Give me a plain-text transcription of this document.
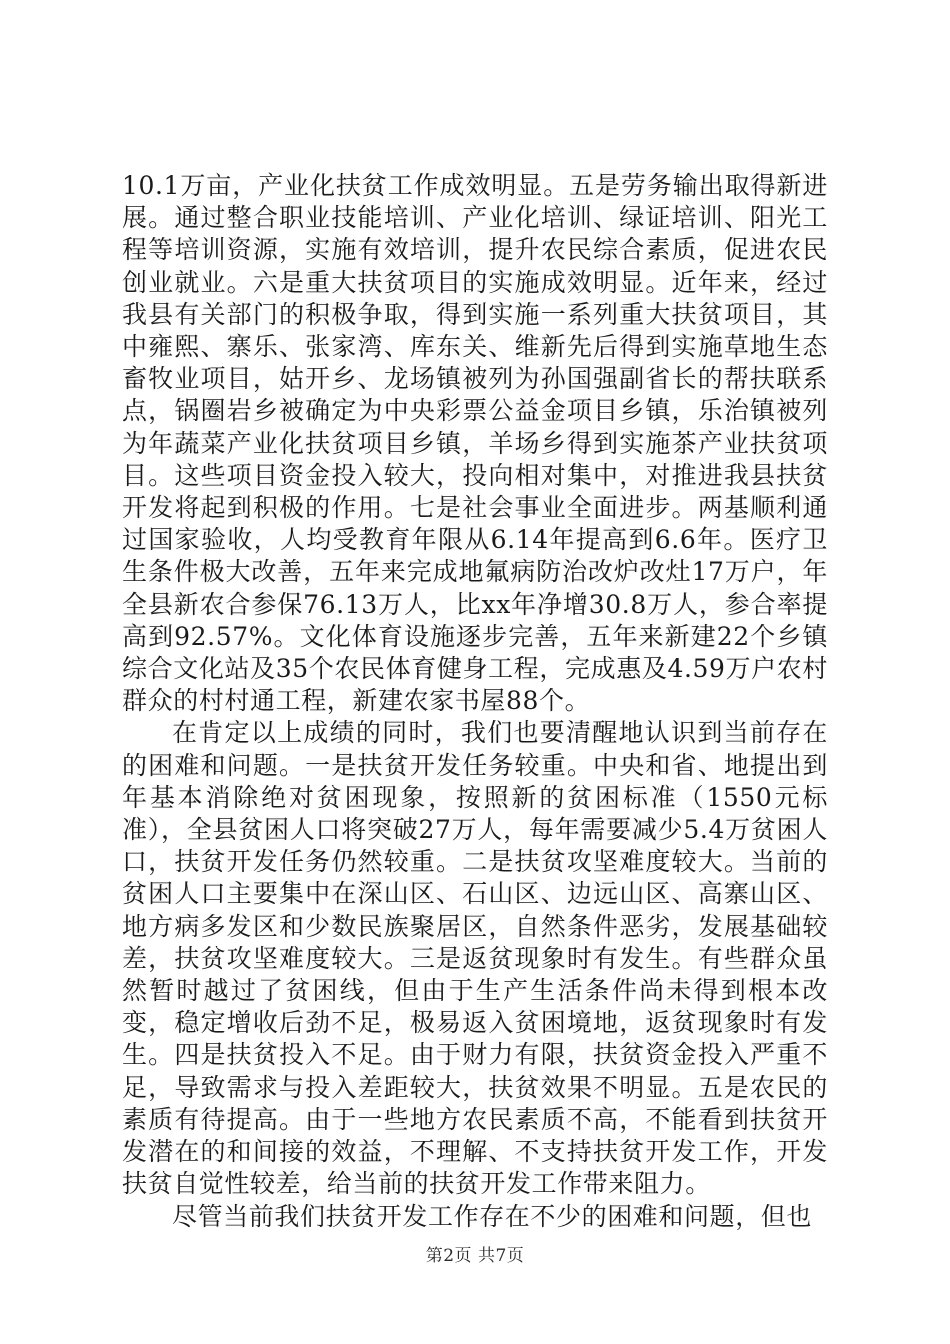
10.1万亩，产业化扶贫工作成效明显。五是劳务输出取得新进展。通过整合职业技能培训、产业化培训、绿证培训、阳光工程等培训资源，实施有效培训，提升农民综合素质，促进农民创业就业。六是重大扶贫项目的实施成效明显。近年来，经过我县有关部门的积极争取，得到实施一系列重大扶贫项目，其中雍熙、寨乐、张家湾、库东关、维新先后得到实施草地生态畜牧业项目，姑开乡、龙场镇被列为孙国强副省长的帮扶联系点，锅圈岩乡被确定为中央彩票公益金项目乡镇，乐治镇被列为年蔬菜产业化扶贫项目乡镇，羊场乡得到实施茶产业扶贫项目。这些项目资金投入较大，投向相对集中，对推进我县扶贫开发将起到积极的作用。七是社会事业全面进步。两基顺利通过国家验收，人均受教育年限从6.14年提高到6.6年。医疗卫生条件极大改善，五年来完成地氟病防治改炉改灶17万户，年全县新农合参保76.13万人，比xx年净增30.8万人，参合率提高到92.57%。文化体育设施逐步完善，五年来新建22个乡镇综合文化站及35个农民体育健身工程，完成惠及4.59万户农村群众的村村通工程，新建农家书屋88个。

在肯定以上成绩的同时，我们也要清醒地认识到当前存在的困难和问题。一是扶贫开发任务较重。中央和省、地提出到年基本消除绝对贫困现象，按照新的贫困标准（1550元标准），全县贫困人口将突破27万人，每年需要减少5.4万贫困人口，扶贫开发任务仍然较重。二是扶贫攻坚难度较大。当前的贫困人口主要集中在深山区、石山区、边远山区、高寨山区、地方病多发区和少数民族聚居区，自然条件恶劣，发展基础较差，扶贫攻坚难度较大。三是返贫现象时有发生。有些群众虽然暂时越过了贫困线，但由于生产生活条件尚未得到根本改变，稳定增收后劲不足，极易返入贫困境地，返贫现象时有发生。四是扶贫投入不足。由于财力有限，扶贫资金投入严重不足，导致需求与投入差距较大，扶贫效果不明显。五是农民的素质有待提高。由于一些地方农民素质不高，不能看到扶贫开发潜在的和间接的效益，不理解、不支持扶贫开发工作，开发扶贫自觉性较差，给当前的扶贫开发工作带来阻力。

尽管当前我们扶贫开发工作存在不少的困难和问题，但也

第2页 共7页
